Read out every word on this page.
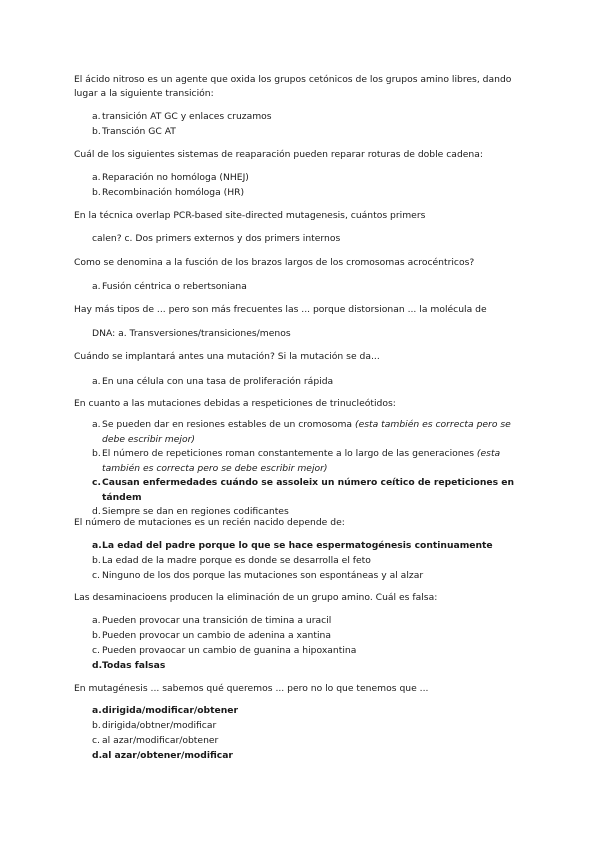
El ácido nitroso es un agente que oxida los grupos cetónicos de los grupos amino libres, dando lugar a la siguiente transición:
a. transición AT GC y enlaces cruzamos
b. Transción GC AT
Cuál de los siguientes sistemas de reaparación pueden reparar roturas de doble cadena:
a. Reparación no homóloga (NHEJ)
b. Recombinación homóloga (HR)
En la técnica overlap PCR-based site-directed mutagenesis, cuántos primers
calen? c. Dos primers externos y dos primers internos
Como se denomina a la fusción de los brazos largos de los cromosomas acrocéntricos?
a. Fusión céntrica o rebertsoniana
Hay más tipos de ... pero son más frecuentes las ... porque distorsionan ... la molécula de
DNA: a. Transversiones/transiciones/menos
Cuándo se implantará antes una mutación? Si la mutación se da...
a. En una célula con una tasa de proliferación rápida
En cuanto a las mutaciones debidas a respeticiones de trinucleótidos:
a. Se pueden dar en resiones estables de un cromosoma (esta también es correcta pero se debe escribir mejor)
b. El número de repeticiones roman constantemente a lo largo de las generaciones (esta también es correcta pero se debe escribir mejor)
c. Causan enfermedades cuándo se assoleix un número ceítico de repeticiones en tándem
d. Siempre se dan en regiones codificantes
El número de mutaciones es un recién nacido depende de:
a. La edad del padre porque lo que se hace espermatogénesis continuamente
b. La edad de la madre porque es donde se desarrolla el feto
c. Ninguno de los dos porque las mutaciones son espontáneas y al alzar
Las desaminacioens producen la eliminación de un grupo amino. Cuál es falsa:
a. Pueden provocar una transición de timina a uracil
b. Pueden provocar un cambio de adenina a xantina
c. Pueden provaocar un cambio de guanina a hipoxantina
d. Todas falsas
En mutagénesis ... sabemos qué queremos ... pero no lo que tenemos que ...
a. dirigida/modificar/obtener
b. dirigida/obtner/modificar
c. al azar/modificar/obtener
d. al azar/obtener/modificar
